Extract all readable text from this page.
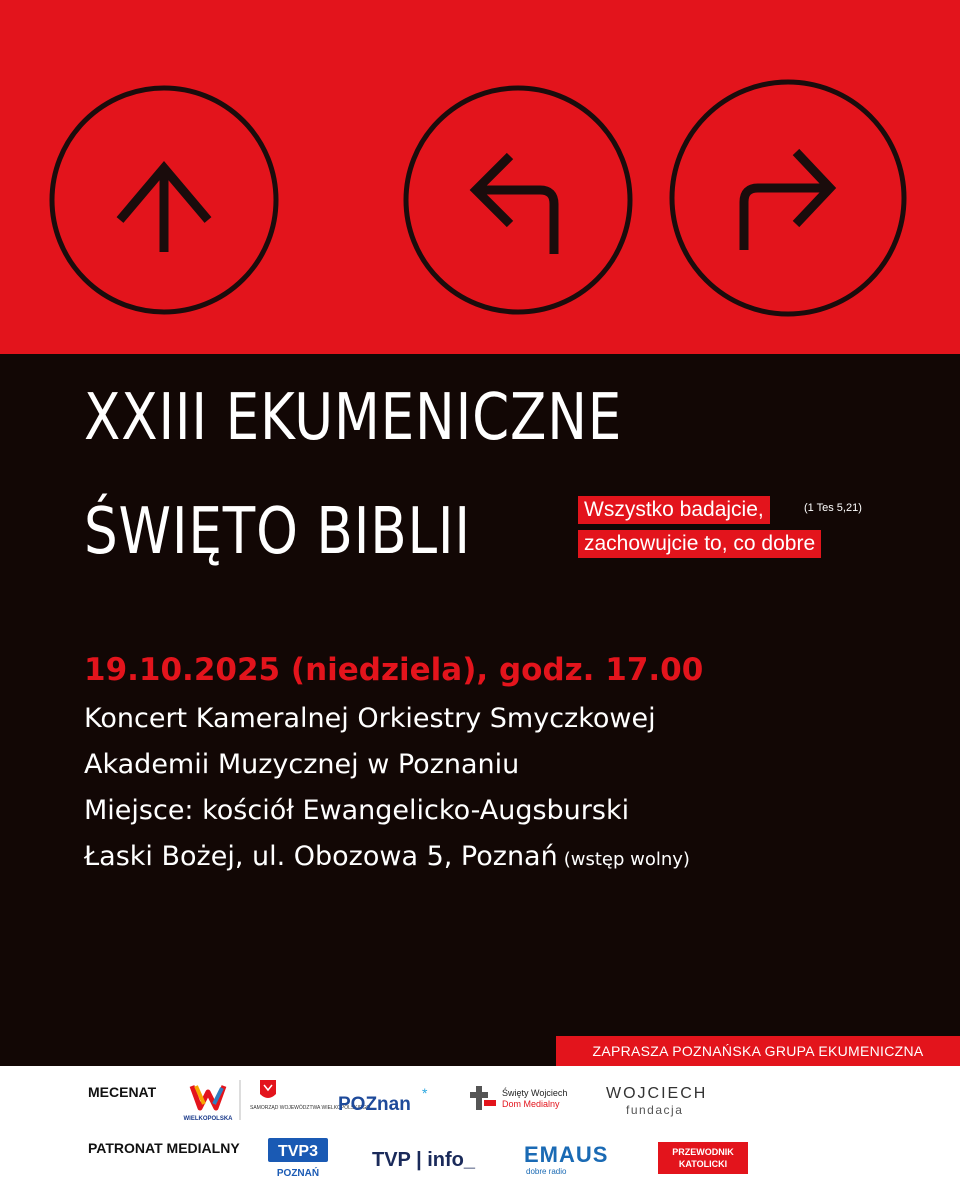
XXIII EKUMENICZNE
ŚWIĘTO BIBLII	Wszystko badajcie,	(1 Tes 5,21)
zachowujcie to, co dobre
19.10.2025 (niedziela), godz. 17.00
Koncert Kameralnej Orkiestry Smyczkowej
Akademii Muzycznej w Poznaniu
Miejsce: kościół Ewangelicko-Augsburski
Łaski Bożej, ul. Obozowa 5, Poznań (wstęp wolny)
ZAPRASZA POZNAŃSKA GRUPA EKUMENICZNA
MECENAT
PATRONAT MEDIALNY
WIELKOPOLSKA
SAMORZĄD WOJEWÓDZTWA WIELKOPOLSKIEGO
POZnan
*	Święty Wojciech
Dom Medialny
WOJCIECH
fundacja
TVP3
POZNAŃ
TVP | info_ EMAUS
dobre radio
PRZEWODNIK
KATOLICKI
